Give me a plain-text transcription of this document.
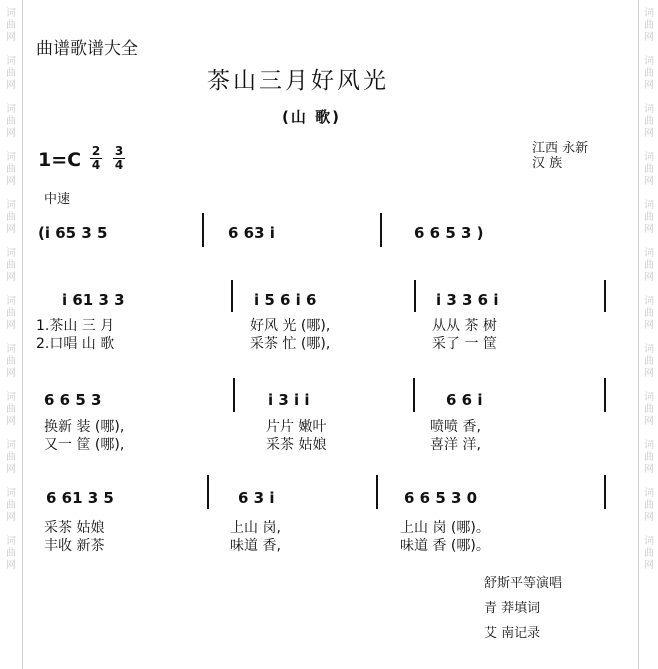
词曲网

词曲网

词曲网

词曲网

词曲网

词曲网

词曲网

词曲网

词曲网

词曲网

词曲网

词曲网
词曲网

词曲网

词曲网

词曲网

词曲网

词曲网

词曲网

词曲网

词曲网

词曲网

词曲网

词曲网
曲谱歌谱大全
茶山三月好风光
(山 歌)
1=C 2
4
3
4
江西 永新
汉 族
中速
(i 65 3 5	6 63 i	6 6 5 3 )
i 61 3 3	i 5 6 i 6	i 3 3 6 i
1.茶山 三 月	好风 光 (哪),	从从 茶 树
2.口唱 山 歌	采茶 忙 (哪),	采了 一 筐
6 6 5 3	i 3 i i	6 6 i
换新 装 (哪),	片片 嫩叶	喷喷 香,
又一 筐 (哪),	采茶 姑娘	喜洋 洋,
6 61 3 5	6 3 i	6 6 5 3 0
采茶 姑娘	上山 岗,	上山 岗 (哪)。
丰收 新茶	味道 香,	味道 香 (哪)。
舒斯平等演唱
青 莽填词
艾 南记录
